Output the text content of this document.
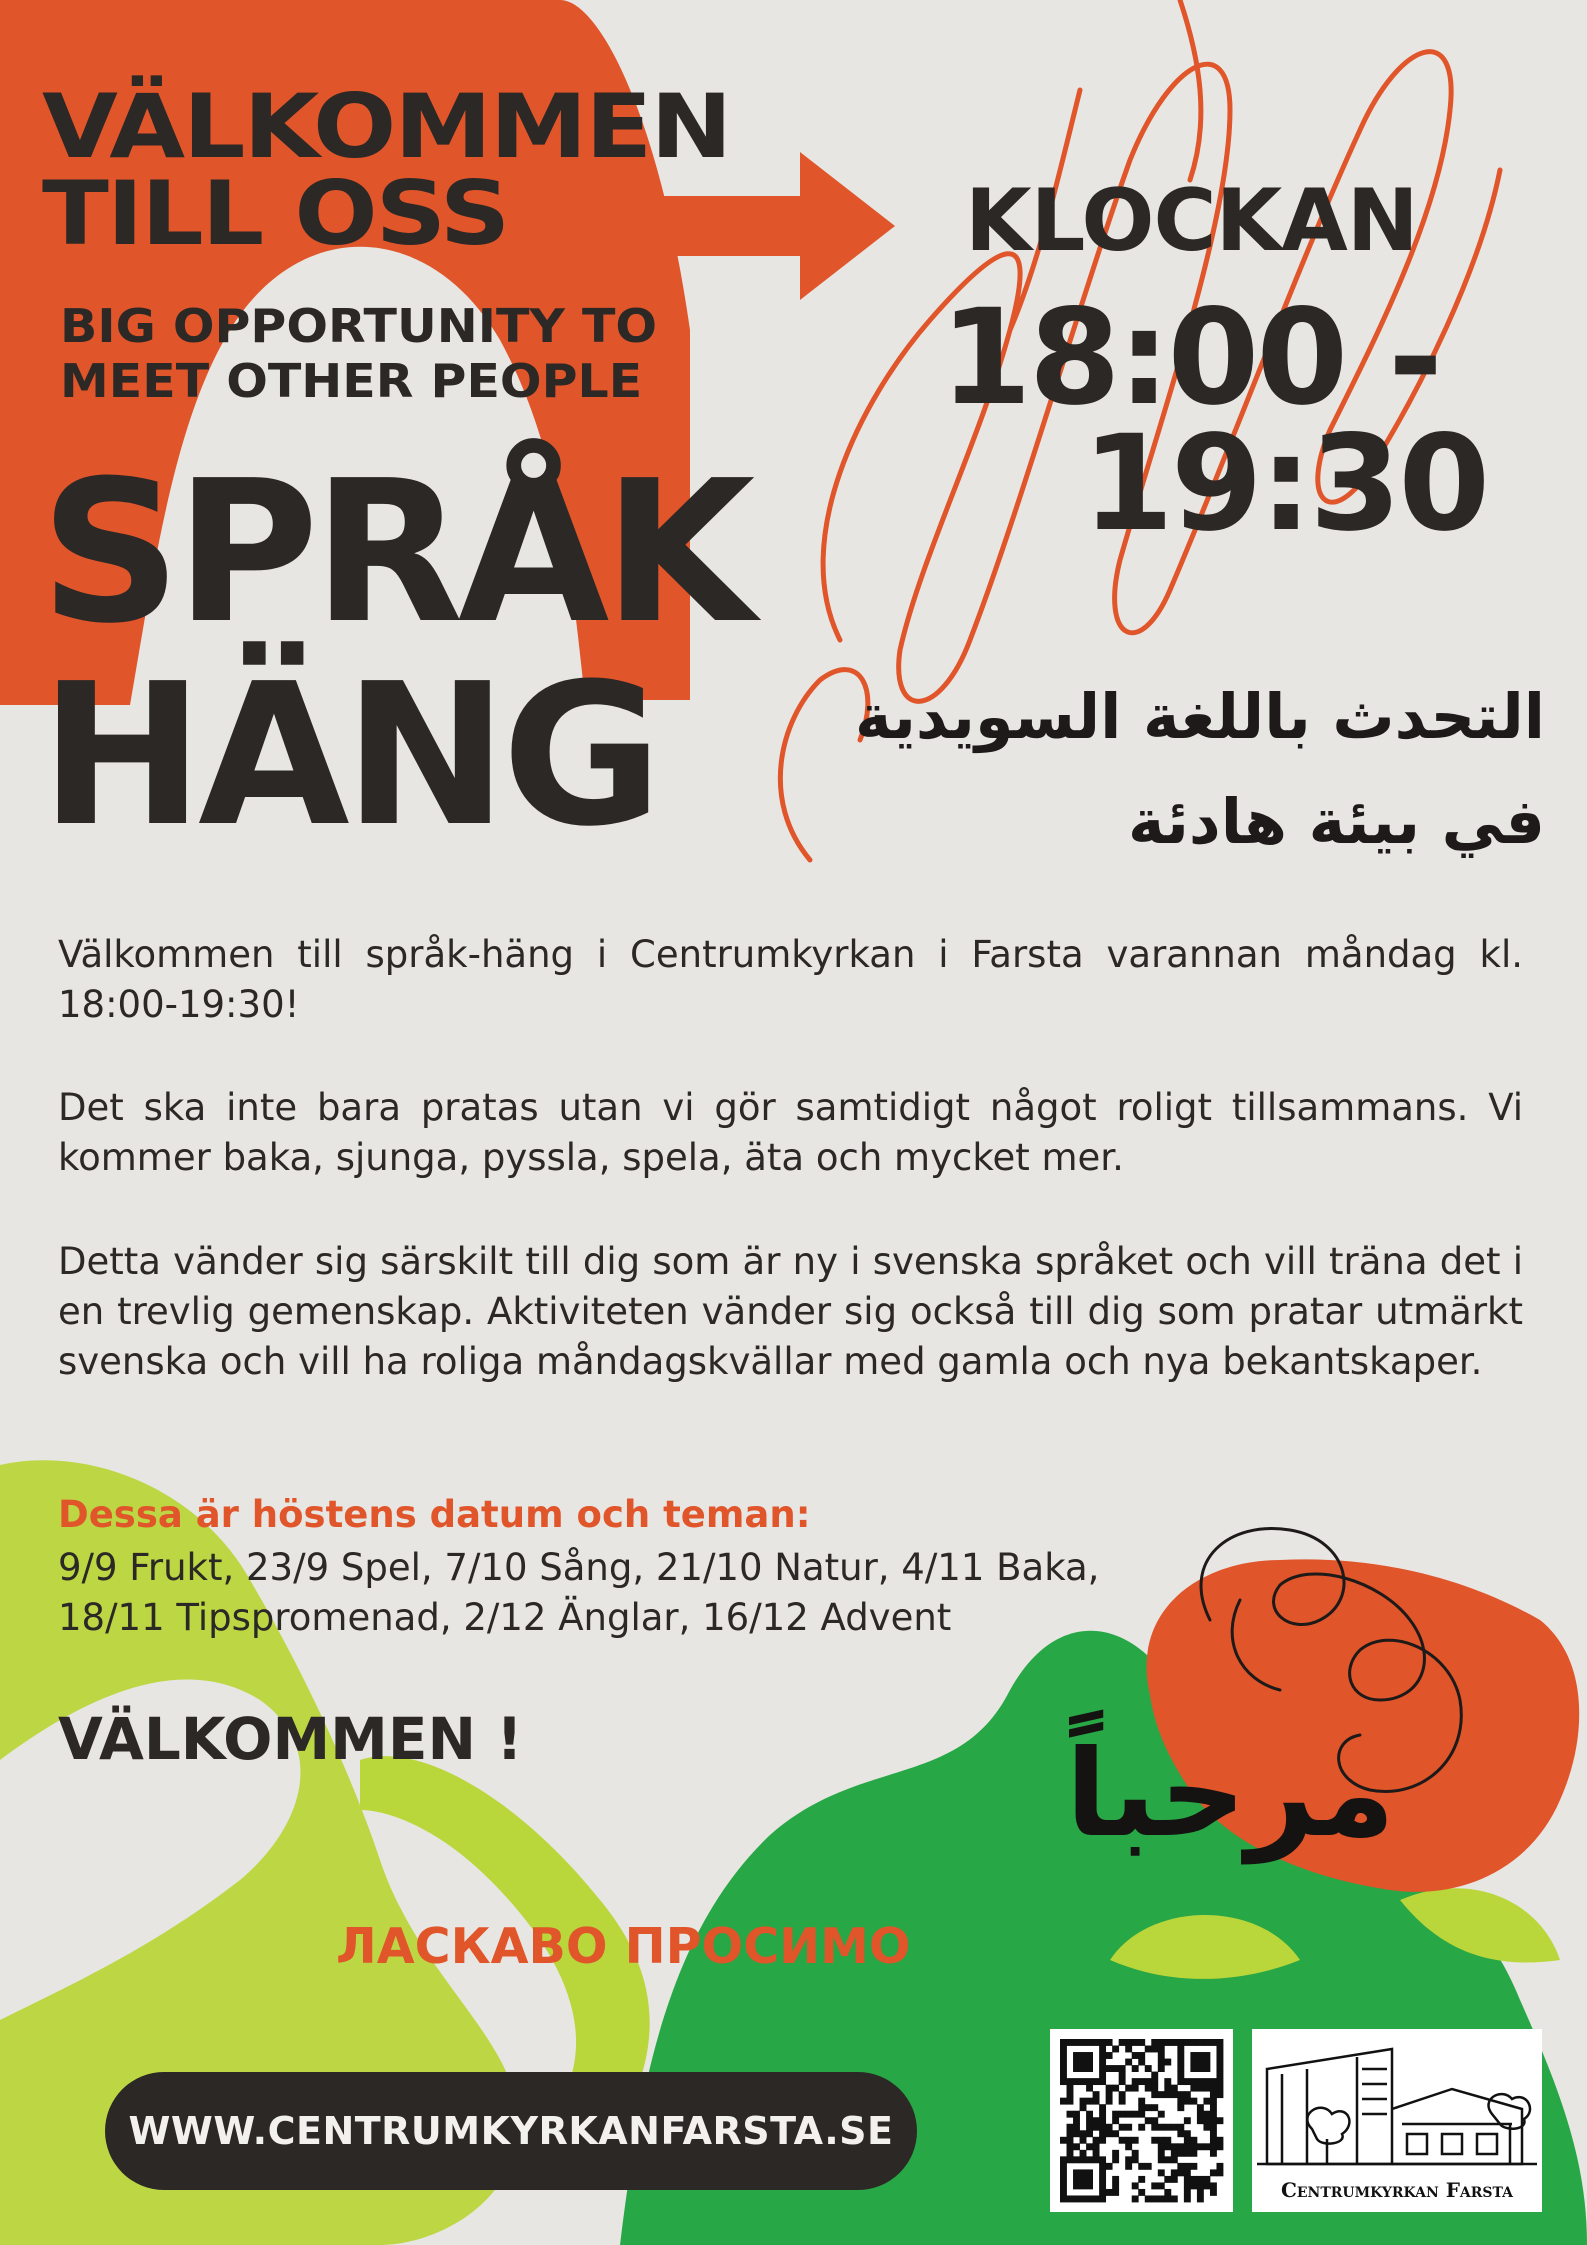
VÄLKOMMEN
TILL OSS
BIG OPPORTUNITY TO
MEET OTHER PEOPLE
SPRÅK
HÄNG
KLOCKAN
18:00 -
19:30
التحدث باللغة السويدية
في بيئة هادئة

Välkommen till språk-häng i Centrumkyrkan i Farsta varannan måndag kl. 18:00-19:30!

Det ska inte bara pratas utan vi gör samtidigt något roligt tillsammans. Vi kommer baka, sjunga, pyssla, spela, äta och mycket mer.

Detta vänder sig särskilt till dig som är ny i svenska språket och vill träna det i en trevlig gemenskap. Aktiviteten vänder sig också till dig som pratar utmärkt svenska och vill ha roliga måndagskvällar med gamla och nya bekantskaper.

Dessa är höstens datum och teman:
9/9 Frukt, 23/9 Spel, 7/10 Sång, 21/10 Natur, 4/11 Baka,
18/11 Tipspromenad, 2/12 Änglar, 16/12 Advent
VÄLKOMMEN !	مرحباً
ЛАСКАВО ПРОСИМО
WWW.CENTRUMKYRKANFARSTA.SE
Centrumkyrkan Farsta
